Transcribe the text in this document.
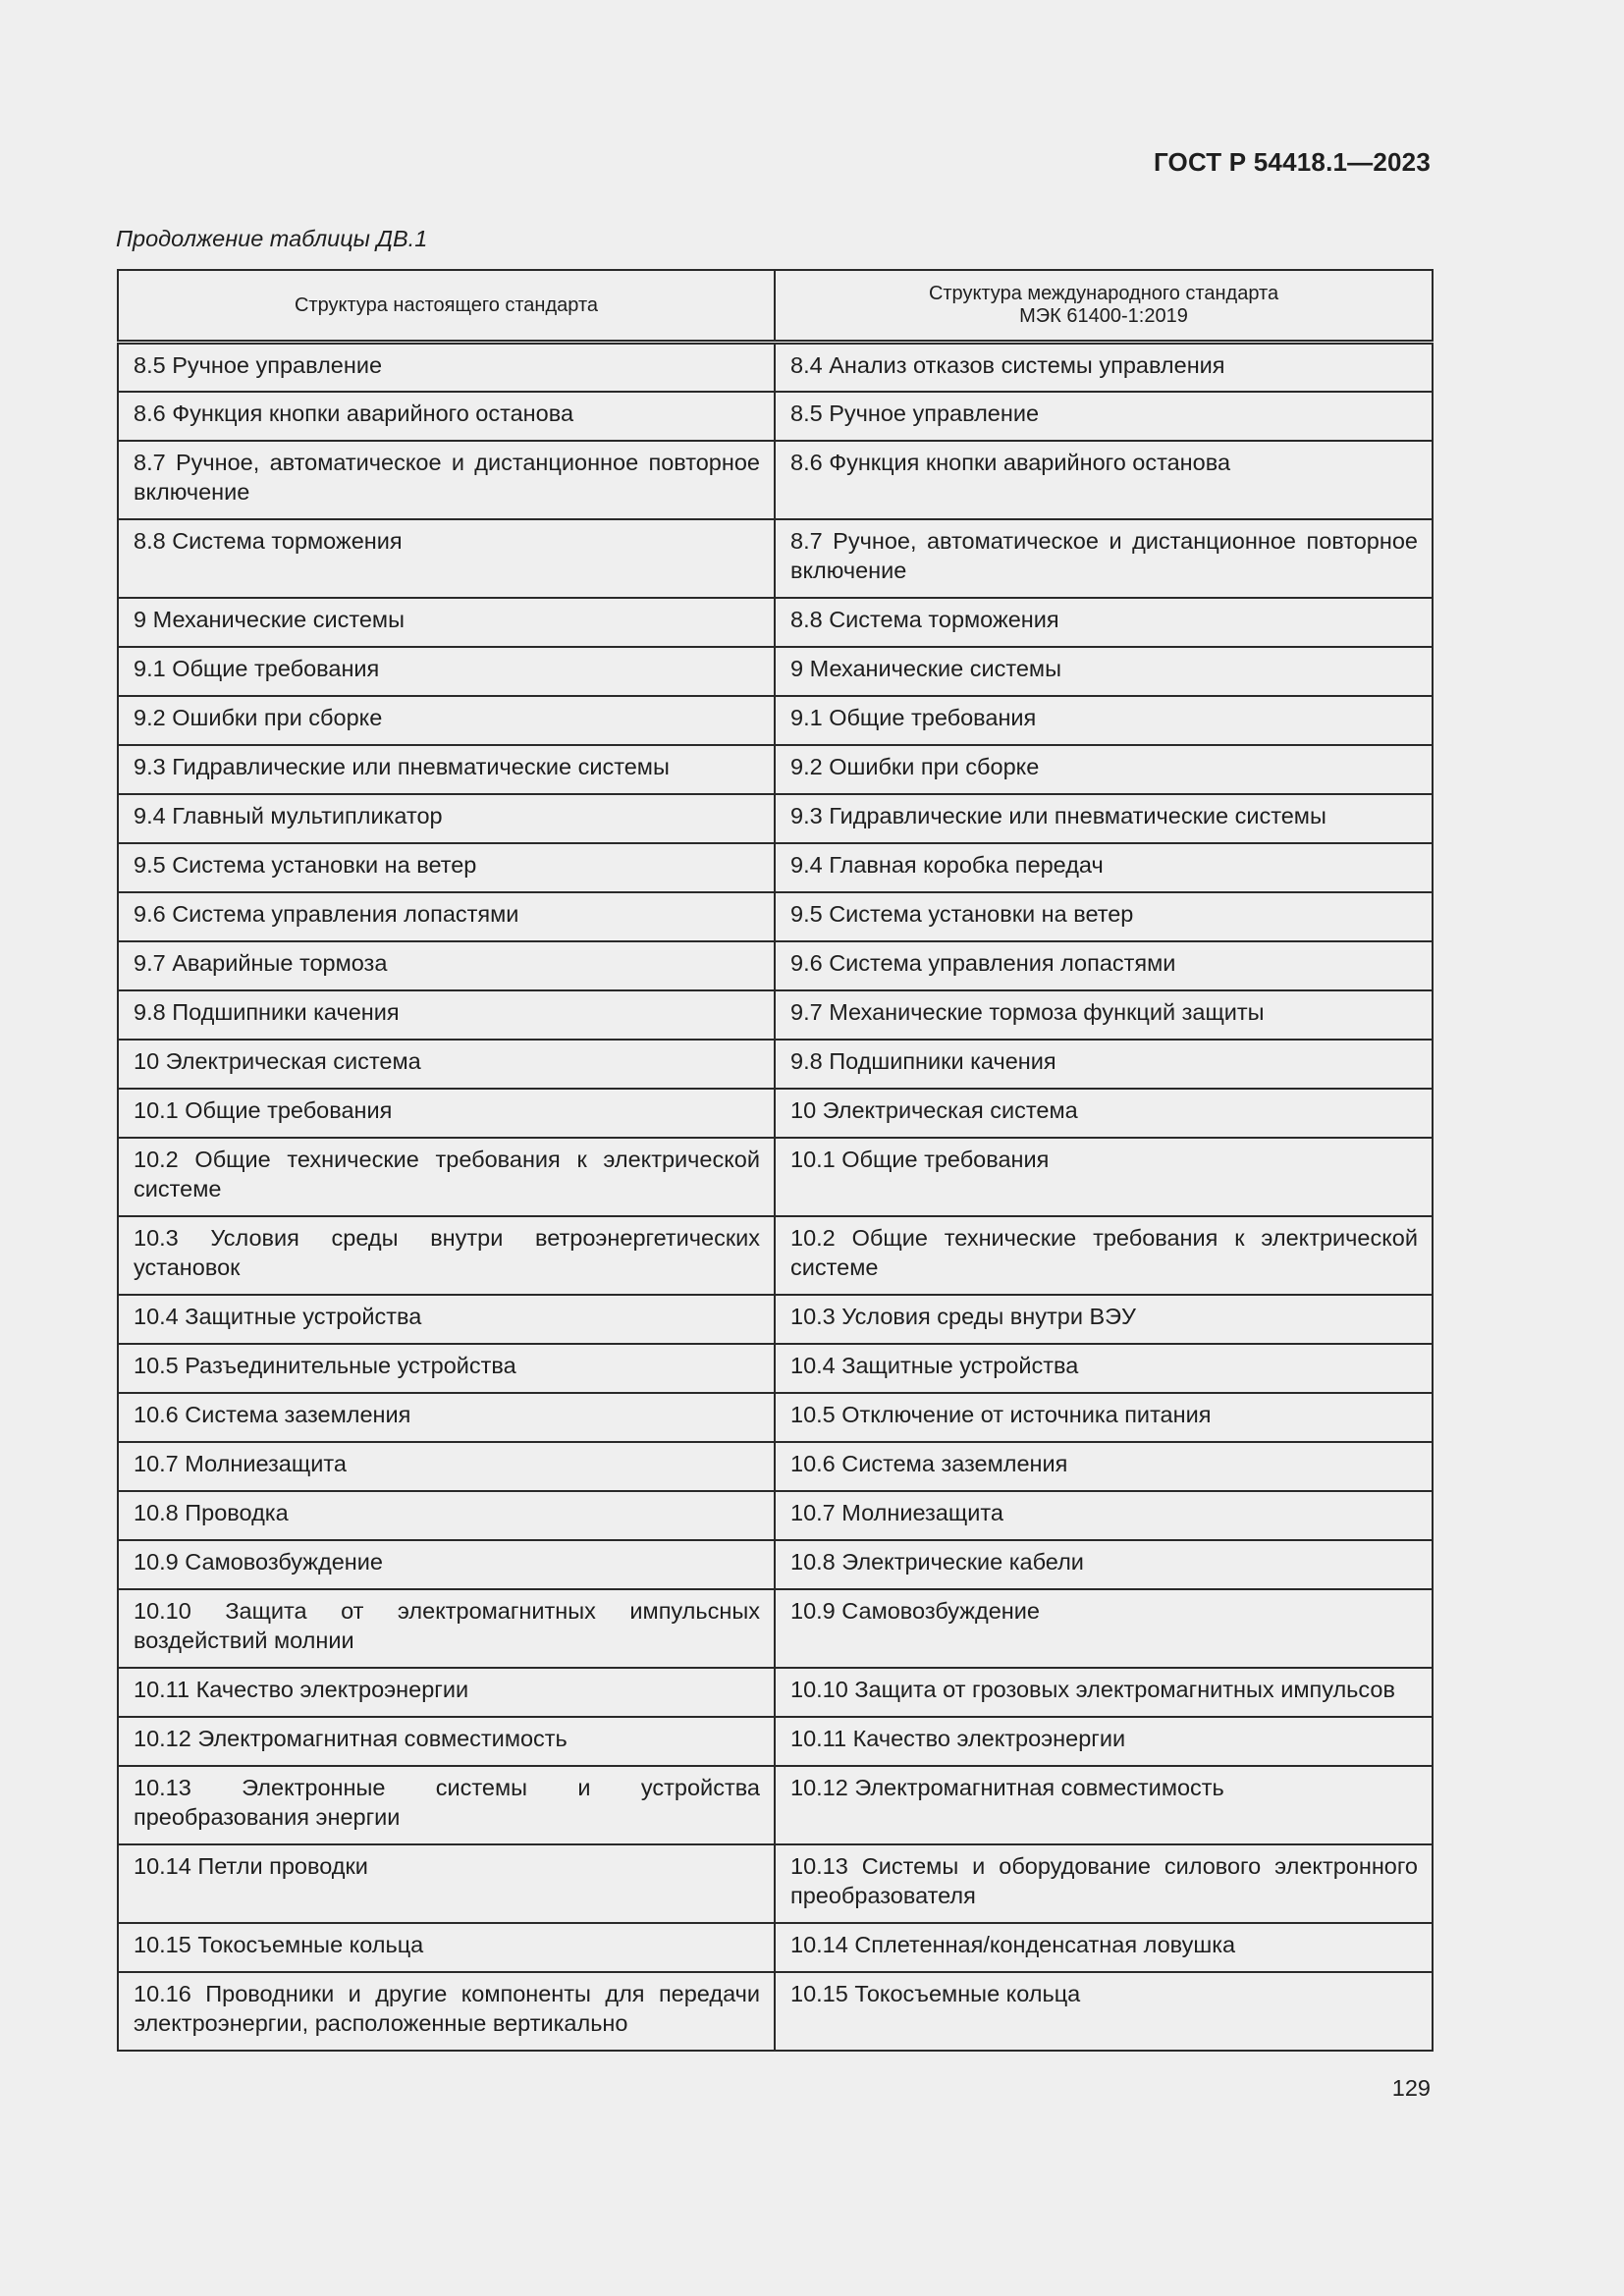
ГОСТ Р 54418.1—2023
Продолжение таблицы ДВ.1
Структура настоящего стандарта	Структура международного стандарта
МЭК 61400-1:2019
8.5 Ручное управление	8.4 Анализ отказов системы управления
8.6 Функция кнопки аварийного останова	8.5 Ручное управление
8.7 Ручное, автоматическое и дистанционное повторное включение	8.6 Функция кнопки аварийного останова
8.8 Система торможения	8.7 Ручное, автоматическое и дистанционное повторное включение
9 Механические системы	8.8 Система торможения
9.1 Общие требования	9 Механические системы
9.2 Ошибки при сборке	9.1 Общие требования
9.3 Гидравлические или пневматические системы	9.2 Ошибки при сборке
9.4 Главный мультипликатор	9.3 Гидравлические или пневматические системы
9.5 Система установки на ветер	9.4 Главная коробка передач
9.6 Система управления лопастями	9.5 Система установки на ветер
9.7 Аварийные тормоза	9.6 Система управления лопастями
9.8 Подшипники качения	9.7 Механические тормоза функций защиты
10 Электрическая система	9.8 Подшипники качения
10.1 Общие требования	10 Электрическая система
10.2 Общие технические требования к электрической системе	10.1 Общие требования
10.3 Условия среды внутри ветроэнергетических установок	10.2 Общие технические требования к электрической системе
10.4 Защитные устройства	10.3 Условия среды внутри ВЭУ
10.5 Разъединительные устройства	10.4 Защитные устройства
10.6 Система заземления	10.5 Отключение от источника питания
10.7 Молниезащита	10.6 Система заземления
10.8 Проводка	10.7 Молниезащита
10.9 Самовозбуждение	10.8 Электрические кабели
10.10 Защита от электромагнитных импульсных воздействий молнии	10.9 Самовозбуждение
10.11 Качество электроэнергии	10.10 Защита от грозовых электромагнитных импульсов
10.12 Электромагнитная совместимость	10.11 Качество электроэнергии
10.13 Электронные системы и устройства преобразования энергии	10.12 Электромагнитная совместимость
10.14 Петли проводки	10.13 Системы и оборудование силового электронного преобразователя
10.15 Токосъемные кольца	10.14 Сплетенная/конденсатная ловушка
10.16 Проводники и другие компоненты для передачи электроэнергии, расположенные вертикально	10.15 Токосъемные кольца
129
